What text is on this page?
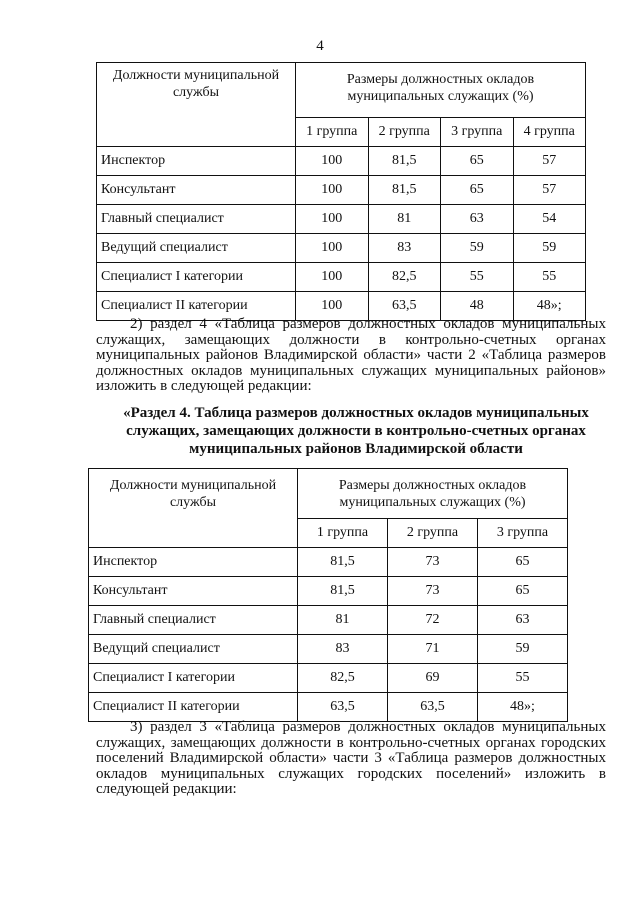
4
Должности муниципальной службы	Размеры должностных окладов муниципальных служащих (%)			
	1 группа	2 группа	3 группа	4 группа
Инспектор	100	81,5	65	57
Консультант	100	81,5	65	57
Главный специалист	100	81	63	54
Ведущий специалист	100	83	59	59
Специалист I категории	100	82,5	55	55
Специалист II категории	100	63,5	48	48»;
2) раздел 4 «Таблица размеров должностных окладов муниципальных служащих, замещающих должности в контрольно-счетных органах муниципальных районов Владимирской области» части 2 «Таблица размеров должностных окладов муниципальных служащих муниципальных районов» изложить в следующей редакции:
«Раздел 4. Таблица размеров должностных окладов муниципальных служащих, замещающих должности в контрольно-счетных органах муниципальных районов Владимирской области
Должности муниципальной службы	Размеры должностных окладов муниципальных служащих (%)		
	1 группа	2 группа	3 группа
Инспектор	81,5	73	65
Консультант	81,5	73	65
Главный специалист	81	72	63
Ведущий специалист	83	71	59
Специалист I категории	82,5	69	55
Специалист II категории	63,5	63,5	48»;
3) раздел 3 «Таблица размеров должностных окладов муниципальных служащих, замещающих должности в контрольно-счетных органах городских поселений Владимирской области» части 3 «Таблица размеров должностных окладов муниципальных служащих городских поселений» изложить в следующей редакции:
